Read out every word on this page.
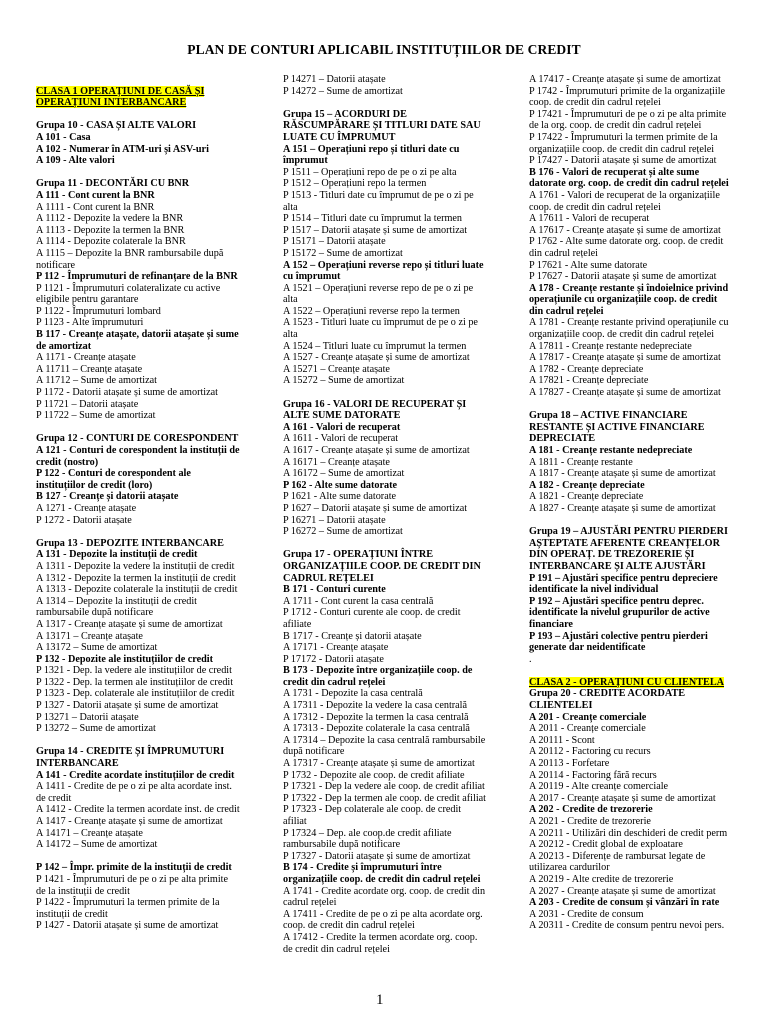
PLAN DE CONTURI APLICABIL INSTITUȚIILOR DE CREDIT
CLASA 1 OPERAȚIUNI DE CASĂ ȘI OPERAȚIUNI INTERBANCARE
Grupa 10 - CASA ȘI ALTE VALORI
A 101 - Casa
A 102 - Numerar în ATM-uri și ASV-uri
A 109 - Alte valori
Grupa 11 - DECONTĂRI CU BNR
A 111 - Cont curent la BNR
A 1111 - Cont curent la BNR
A 1112 - Depozite la vedere la BNR
A 1113 - Depozite la termen la BNR
A 1114 - Depozite colaterale la BNR
A 1115 – Depozite la BNR rambursabile după notificare
P 112 - Împrumuturi de refinanțare de la BNR
P 1121 - Împrumuturi colateralizate cu active eligibile pentru garantare
P 1122 - Împrumuturi lombard
P 1123 - Alte împrumuturi
B 117 - Creanțe atașate, datorii atașate și sume de amortizat
A 1171 - Creanțe atașate
A 11711 – Creanțe atașate
A 11712 – Sume de amortizat
P 1172 - Datorii atașate și sume de amortizat
P 11721 – Datorii atașate
P 11722 – Sume de amortizat
Grupa 12 - CONTURI DE CORESPONDENT
A 121 - Conturi de corespondent la instituții de credit (nostro)
P 122 - Conturi de corespondent ale instituțiilor de credit (loro)
B 127 - Creanțe și datorii atașate
A 1271 - Creanțe atașate
P 1272 - Datorii atașate
Grupa 13 - DEPOZITE INTERBANCARE
A 131 - Depozite la instituții de credit
A 1311 - Depozite la vedere la instituții de credit
A 1312 - Depozite la termen la instituții de credit
A 1313 - Depozite colaterale la instituții de credit
A 1314 – Depozite la instituții de credit rambursabile după notificare
A 1317 - Creanțe atașate și sume de amortizat
A 13171 – Creanțe atașate
A 13172 – Sume de amortizat
P 132 - Depozite ale instituțiilor de credit
P 1321 - Dep. la vedere ale instituțiilor de credit
P 1322 - Dep. la termen ale instituțiilor de credit
P 1323 - Dep. colaterale ale instituțiilor de credit
P 1327 - Datorii atașate și sume de amortizat
P 13271 – Datorii atașate
P 13272 – Sume de amortizat
Grupa 14 - CREDITE ȘI ÎMPRUMUTURI INTERBANCARE
A 141 - Credite acordate instituțiilor de credit
A 1411 - Credite de pe o zi pe alta acordate inst. de credit
A 1412 - Credite la termen acordate inst. de credit
A 1417 - Creanțe atașate și sume de amortizat
A 14171 – Creanțe atașate
A 14172 – Sume de amortizat
P 142 – Împr. primite de la instituții de credit
P 1421 - Împrumuturi de pe o zi pe alta primite de la instituții de credit
P 1422 - Împrumuturi la termen primite de la instituții de credit
P 1427 - Datorii atașate și sume de amortizat
P 14271 – Datorii atașate
P 14272 – Sume de amortizat
Grupa 15 – ACORDURI DE RĂSCUMPĂRARE ȘI TITLURI DATE SAU LUATE CU ÎMPRUMUT
A 151 – Operațiuni repo și titluri date cu împrumut
P 1511 – Operațiuni repo de pe o zi pe alta
P 1512 – Operațiuni repo la termen
P 1513 - Titluri date cu împrumut de pe o zi pe alta
P 1514 – Titluri date cu împrumut la termen
P 1517 – Datorii atașate și sume de amortizat
P 15171 – Datorii atașate
P 15172 – Sume de amortizat
A 152 – Operațiuni reverse repo și titluri luate cu împrumut
A 1521 – Operațiuni reverse repo de pe o zi pe alta
A 1522 – Operațiuni reverse repo la termen
A 1523 - Titluri luate cu împrumut de pe o zi pe alta
A 1524 – Titluri luate cu împrumut la termen
A 1527 - Creanțe atașate și sume de amortizat
A 15271 – Creanțe atașate
A 15272 – Sume de amortizat
Grupa 16 - VALORI DE RECUPERAT ȘI ALTE SUME DATORATE
A 161 - Valori de recuperat
A 1611 - Valori de recuperat
A 1617 - Creanțe atașate și sume de amortizat
A 16171 – Creanțe atașate
A 16172 – Sume de amortizat
P 162 - Alte sume datorate
P 1621 - Alte sume datorate
P 1627 – Datorii atașate și sume de amortizat
P 16271 – Datorii atașate
P 16272 – Sume de amortizat
Grupa 17 - OPERAȚIUNI ÎNTRE ORGANIZAȚIILE COOP. DE CREDIT DIN CADRUL REȚELEI
B 171 - Conturi curente
A 1711 - Cont curent la casa centrală
P 1712 - Conturi curente ale coop. de credit afiliate
B 1717 - Creanțe și datorii atașate
A 17171 - Creanțe atașate
P 17172 - Datorii atașate
B 173 - Depozite între organizațiile coop. de credit din cadrul rețelei
A 1731 - Depozite la casa centrală
A 17311 - Depozite la vedere la casa centrală
A 17312 - Depozite la termen la casa centrală
A 17313 - Depozite colaterale la casa centrală
A 17314 – Depozite la casa centrală rambursabile după notificare
A 17317 - Creanțe atașate și sume de amortizat
P 1732 - Depozite ale coop. de credit afiliate
P 17321 - Dep la vedere ale coop. de credit afiliat
P 17322 - Dep la termen ale coop. de credit afiliat
P 17323 - Dep colaterale ale coop. de credit afiliat
P 17324 – Dep. ale coop.de credit afiliate rambursabile după notificare
P 17327 - Datorii atașate și sume de amortizat
B 174 - Credite și împrumuturi între organizațiile coop. de credit din cadrul rețelei
A 1741 - Credite acordate org. coop. de credit din cadrul rețelei
A 17411 - Credite de pe o zi pe alta acordate org. coop. de credit din cadrul rețelei
A 17412 - Credite la termen acordate org. coop. de credit din cadrul rețelei
A 17417 - Creanțe atașate și sume de amortizat
P 1742 - Împrumuturi primite de la organizațiile coop. de credit din cadrul rețelei
P 17421 - Împrumuturi de pe o zi pe alta primite de la org. coop. de credit din cadrul rețelei
P 17422 - Împrumuturi la termen primite de la organizațiile coop. de credit din cadrul rețelei
P 17427 - Datorii atașate și sume de amortizat
B 176 - Valori de recuperat și alte sume datorate org. coop. de credit din cadrul rețelei
A 1761 - Valori de recuperat de la organizațiile coop. de credit din cadrul rețelei
A 17611 - Valori de recuperat
A 17617 - Creanțe atașate și sume de amortizat
P 1762 - Alte sume datorate org. coop. de credit din cadrul rețelei
P 17621 - Alte sume datorate
P 17627 - Datorii atașate și sume de amortizat
A 178 - Creanțe restante și îndoielnice privind operațiunile cu organizațiile coop. de credit din cadrul rețelei
A 1781 - Creanțe restante privind operațiunile cu organizațiile coop. de credit din cadrul rețelei
A 17811 - Creanțe restante nedepreciate
A 17817 - Creanțe atașate și sume de amortizat
A 1782 - Creanțe depreciate
A 17821 - Creanțe depreciate
A 17827 - Creanțe atașate și sume de amortizat
Grupa 18 – ACTIVE FINANCIARE RESTANTE ȘI ACTIVE FINANCIARE DEPRECIATE
A 181 - Creanțe restante nedepreciate
A 1811 - Creanțe restante
A 1817 - Creanțe atașate și sume de amortizat
A 182 - Creanțe depreciate
A 1821 - Creanțe depreciate
A 1827 - Creanțe atașate și sume de amortizat
Grupa 19 – AJUSTĂRI PENTRU PIERDERI AȘTEPTATE AFERENTE CREANȚELOR DIN OPERAȚ. DE TREZORERIE ȘI INTERBANCARE ȘI ALTE AJUSTĂRI
P 191 – Ajustări specifice pentru depreciere identificate la nivel individual
P 192 – Ajustări specifice pentru deprec. identificate la nivelul grupurilor de active financiare
P 193 – Ajustări colective pentru pierderi generate dar neidentificate
.
CLASA 2 - OPERAȚIUNI CU CLIENTELA
Grupa 20 - CREDITE ACORDATE CLIENTELEI
A 201 - Creanțe comerciale
A 2011 - Creanțe comerciale
A 20111 - Scont
A 20112 - Factoring cu recurs
A 20113 - Forfetare
A 20114 - Factoring fără recurs
A 20119 - Alte creanțe comerciale
A 2017 - Creanțe atașate și sume de amortizat
A 202 - Credite de trezorerie
A 2021 - Credite de trezorerie
A 20211 - Utilizări din deschideri de credit perm
A 20212 - Credit global de exploatare
A 20213 - Diferențe de rambursat legate de utilizarea cardurilor
A 20219 - Alte credite de trezorerie
A 2027 - Creanțe atașate și sume de amortizat
A 203 - Credite de consum și vânzări în rate
A 2031 - Credite de consum
A 20311 - Credite de consum pentru nevoi pers.
1
